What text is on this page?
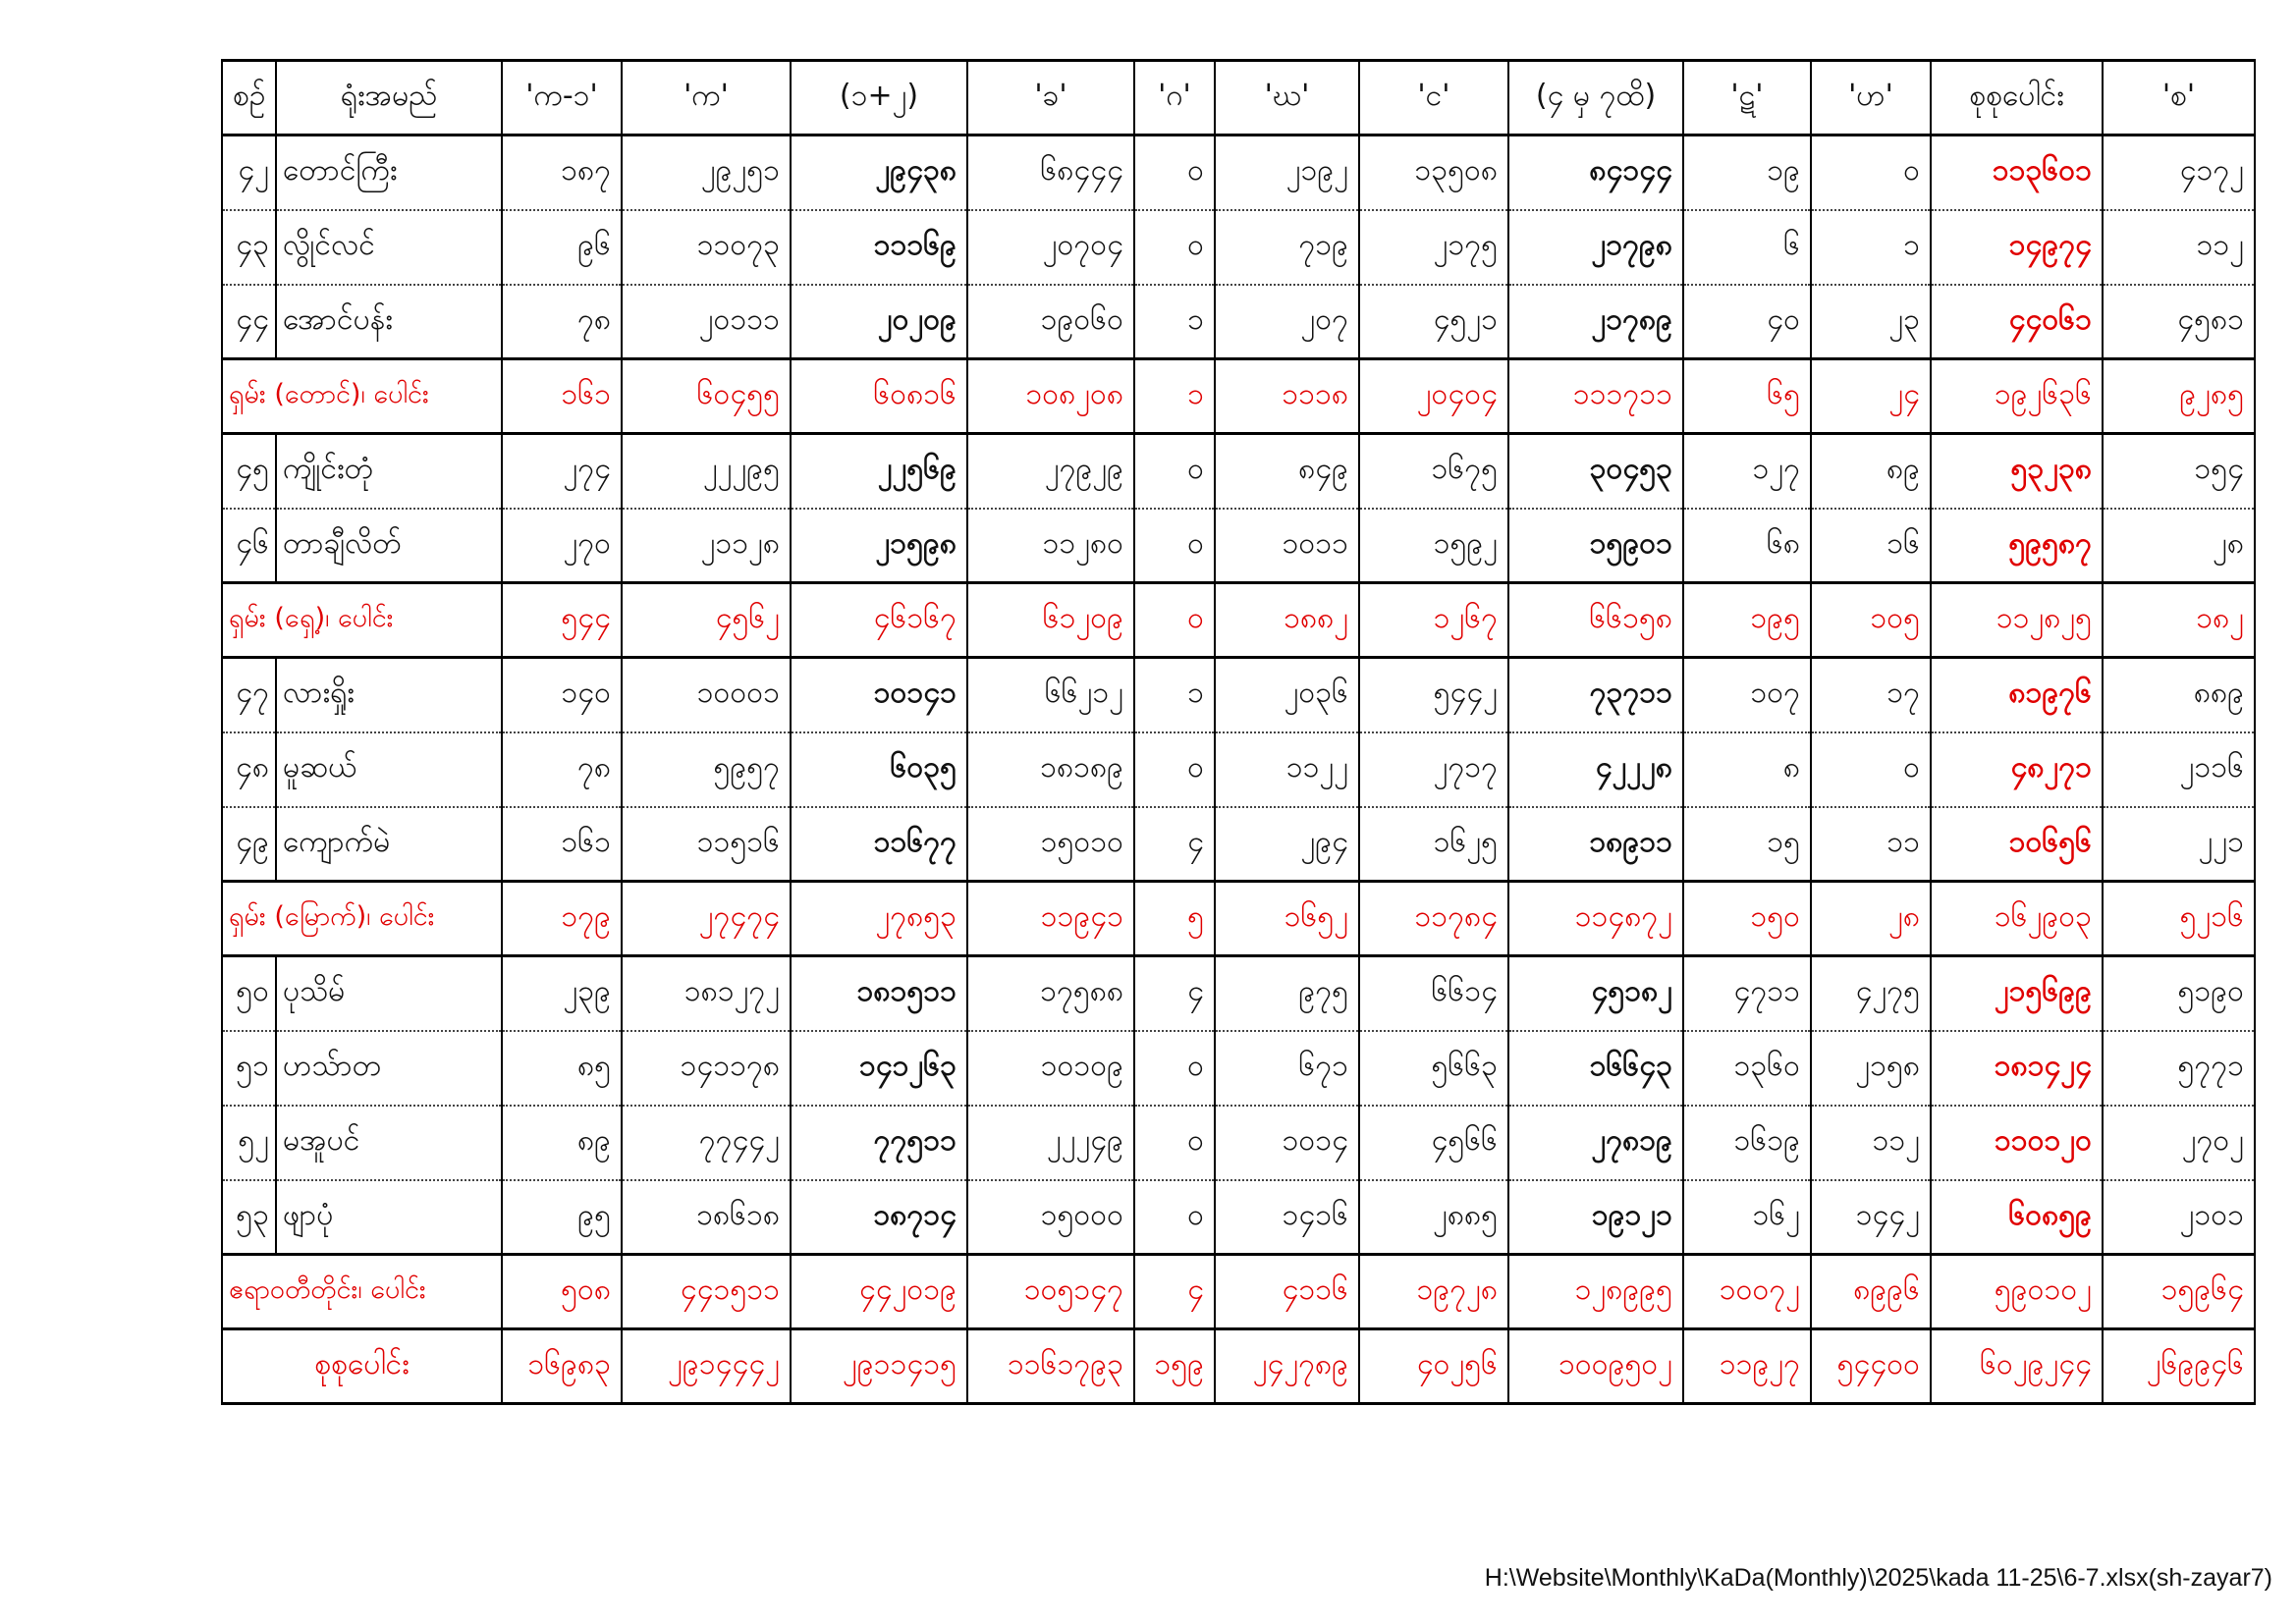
စဉ်	ရုံးအမည်	'က-၁'	'က'	(၁+၂)	'ခ'	'ဂ'	'ဃ'	'င'	(၄ မှ ၇ထိ)	'ဋ'	'ဟ'	စုစုပေါင်း	'စ'
၄၂	တောင်ကြီး	၁၈၇	၂၉၂၅၁	၂၉၄၃၈	၆၈၄၄၄	၀	၂၁၉၂	၁၃၅၀၈	၈၄၁၄၄	၁၉	၀	၁၁၃၆၀၁	၄၁၇၂
၄၃	လွိုင်လင်	၉၆	၁၁၀၇၃	၁၁၁၆၉	၂၀၇၀၄	၀	၇၁၉	၂၁၇၅	၂၁၇၉၈	၆	၁	၁၄၉၇၄	၁၁၂
၄၄	အောင်ပန်း	၇၈	၂၀၁၁၁	၂၀၂၀၉	၁၉၀၆၀	၁	၂၀၇	၄၅၂၁	၂၁၇၈၉	၄၀	၂၃	၄၄၀၆၁	၄၅၈၁
ရှမ်း (တောင်)၊ ပေါင်း		၁၆၁	၆၀၄၅၅	၆၀၈၁၆	၁၀၈၂၀၈	၁	၁၁၁၈	၂၀၄၀၄	၁၁၁၇၁၁	၆၅	၂၄	၁၉၂၆၃၆	၉၂၈၅
၄၅	ကျိုင်းတုံ	၂၇၄	၂၂၂၉၅	၂၂၅၆၉	၂၇၉၂၉	၀	၈၄၉	၁၆၇၅	၃၀၄၅၃	၁၂၇	၈၉	၅၃၂၃၈	၁၅၄
၄၆	တာချီလိတ်	၂၇၀	၂၁၁၂၈	၂၁၅၉၈	၁၁၂၈၀	၀	၁၀၁၁	၁၅၉၂	၁၅၉၀၁	၆၈	၁၆	၅၉၅၈၇	၂၈
ရှမ်း (ရှေ့)၊ ပေါင်း		၅၄၄	၄၅၆၂	၄၆၁၆၇	၆၁၂၀၉	၀	၁၈၈၂	၁၂၆၇	၆၆၁၅၈	၁၉၅	၁၀၅	၁၁၂၈၂၅	၁၈၂
၄၇	လားရှိုး	၁၄၀	၁၀၀၀၁	၁၀၁၄၁	၆၆၂၁၂	၁	၂၀၃၆	၅၄၄၂	၇၃၇၁၁	၁၀၇	၁၇	၈၁၉၇၆	၈၈၉
၄၈	မူဆယ်	၇၈	၅၉၅၇	၆၀၃၅	၁၈၁၈၉	၀	၁၁၂၂	၂၇၁၇	၄၂၂၂၈	၈	၀	၄၈၂၇၁	၂၁၁၆
၄၉	ကျောက်မဲ	၁၆၁	၁၁၅၁၆	၁၁၆၇၇	၁၅၀၁၀	၄	၂၉၄	၁၆၂၅	၁၈၉၁၁	၁၅	၁၁	၁၀၆၅၆	၂၂၁
ရှမ်း (မြောက်)၊ ပေါင်း		၁၇၉	၂၇၄၇၄	၂၇၈၅၃	၁၁၉၄၁	၅	၁၆၅၂	၁၁၇၈၄	၁၁၄၈၇၂	၁၅၀	၂၈	၁၆၂၉၀၃	၅၂၁၆
၅၀	ပုသိမ်	၂၃၉	၁၈၁၂၇၂	၁၈၁၅၁၁	၁၇၅၈၈	၄	၉၇၅	၆၆၁၄	၄၅၁၈၂	၄၇၁၁	၄၂၇၅	၂၁၅၆၉၉	၅၁၉၀
၅၁	ဟသ်ာတ	၈၅	၁၄၁၁၇၈	၁၄၁၂၆၃	၁၀၁၀၉	၀	၆၇၁	၅၆၆၃	၁၆၆၄၃	၁၃၆၀	၂၁၅၈	၁၈၁၄၂၄	၅၇၇၁
၅၂	မအူပင်	၈၉	၇၇၄၄၂	၇၇၅၁၁	၂၂၂၄၉	၀	၁၀၁၄	၄၅၆၆	၂၇၈၁၉	၁၆၁၉	၁၁၂	၁၁၀၁၂၀	၂၇၀၂
၅၃	ဖျာပုံ	၉၅	၁၈၆၁၈	၁၈၇၁၄	၁၅၀၀၀	၀	၁၄၁၆	၂၈၈၅	၁၉၁၂၁	၁၆၂	၁၄၄၂	၆၀၈၅၉	၂၁၀၁
ဧရာဝတီတိုင်း၊ ပေါင်း		၅၀၈	၄၄၁၅၁၁	၄၄၂၀၁၉	၁၀၅၁၄၇	၄	၄၁၁၆	၁၉၇၂၈	၁၂၈၉၉၅	၁၀၀၇၂	၈၉၉၆	၅၉၀၁၀၂	၁၅၉၆၄
စုစုပေါင်း		၁၆၉၈၃	၂၉၁၄၄၄၂	၂၉၁၁၄၁၅	၁၁၆၁၇၉၃	၁၅၉	၂၄၂၇၈၉	၄၀၂၅၆	၁၀၀၉၅၀၂	၁၁၉၂၇	၅၄၄၀၀	၆၀၂၉၂၄၄	၂၆၉၉၄၆
H:\Website\Monthly\KaDa(Monthly)\2025\kada 11-25\6-7.xlsx(sh-zayar7)
